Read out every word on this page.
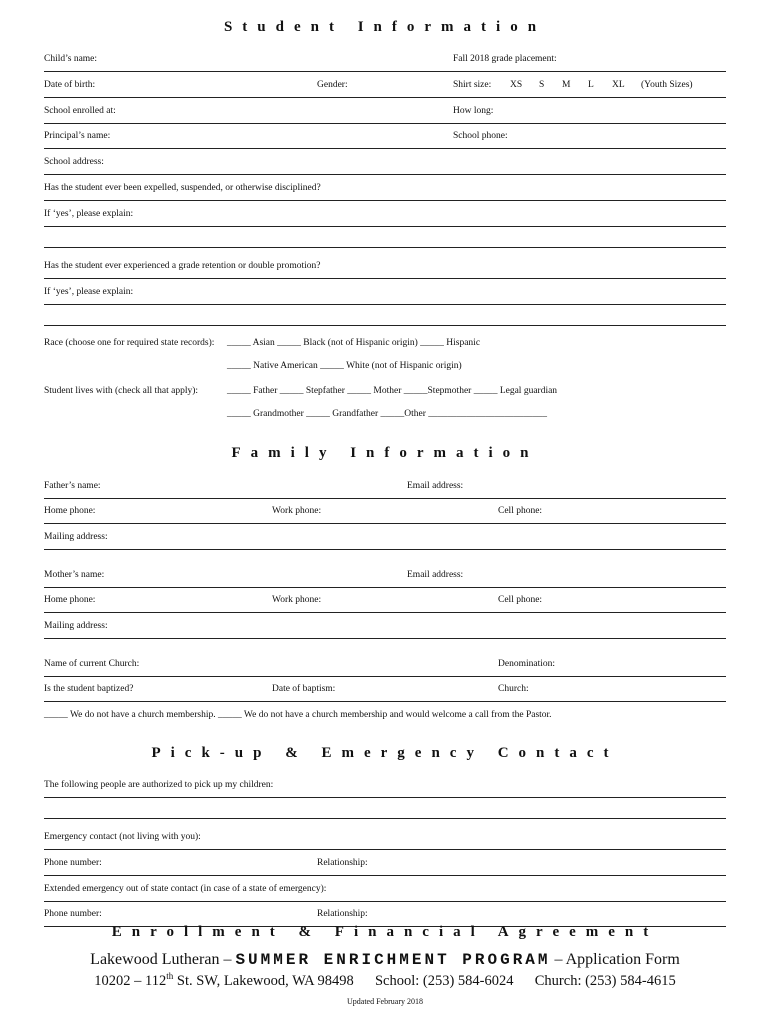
Student Information
Child’s name:	Fall 2018 grade placement:
Date of birth:	Gender:	Shirt size: XS S M L XL (Youth Sizes)
School enrolled at:	How long:
Principal’s name:	School phone:
School address:
Has the student ever been expelled, suspended, or otherwise disciplined?
If ‘yes’, please explain:
Has the student ever experienced a grade retention or double promotion?
If ‘yes’, please explain:
Race (choose one for required state records): _____ Asian _____ Black (not of Hispanic origin) _____ Hispanic
_____ Native American _____ White (not of Hispanic origin)
Student lives with (check all that apply):	_____ Father _____ Stepfather _____ Mother _____Stepmother _____ Legal guardian
_____ Grandmother _____ Grandfather _____Other _________________________
Family Information
Father’s name:	Email address:
Home phone:	Work phone:	Cell phone:
Mailing address:
Mother’s name:	Email address:
Home phone:	Work phone:	Cell phone:
Mailing address:
Name of current Church:	Denomination:
Is the student baptized?	Date of baptism:	Church:
_____ We do not have a church membership. _____ We do not have a church membership and would welcome a call from the Pastor.
Pick-up & Emergency Contact
The following people are authorized to pick up my children:
Emergency contact (not living with you):
Phone number:	Relationship:
Extended emergency out of state contact (in case of a state of emergency):
Phone number:	Relationship:
Enrollment & Financial Agreement
Lakewood Lutheran – SUMMER ENRICHMENT PROGRAM – Application Form
10202 – 112th St. SW, Lakewood, WA 98498 School: (253) 584-6024 Church: (253) 584-4615
Updated February 2018
